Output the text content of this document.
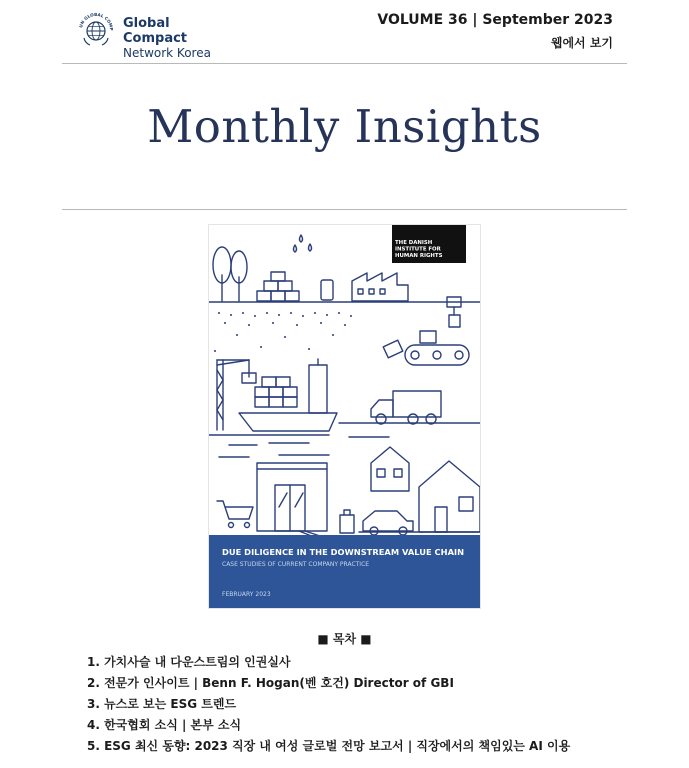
UN GLOBAL COMP Global Compact
Network Korea
VOLUME 36 | September 2023
웹에서 보기
Monthly Insights
THE DANISH
INSTITUTE FOR
HUMAN RIGHTS
DUE DILIGENCE IN THE DOWNSTREAM VALUE CHAIN
CASE STUDIES OF CURRENT COMPANY PRACTICE
FEBRUARY 2023
■ 목차 ■
1. 가치사슬 내 다운스트림의 인권실사
2. 전문가 인사이트 | Benn F. Hogan(벤 호건) Director of GBI
3. 뉴스로 보는 ESG 트렌드
4. 한국협회 소식 | 본부 소식
5. ESG 최신 동향: 2023 직장 내 여성 글로벌 전망 보고서 | 직장에서의 책임있는 AI 이용
